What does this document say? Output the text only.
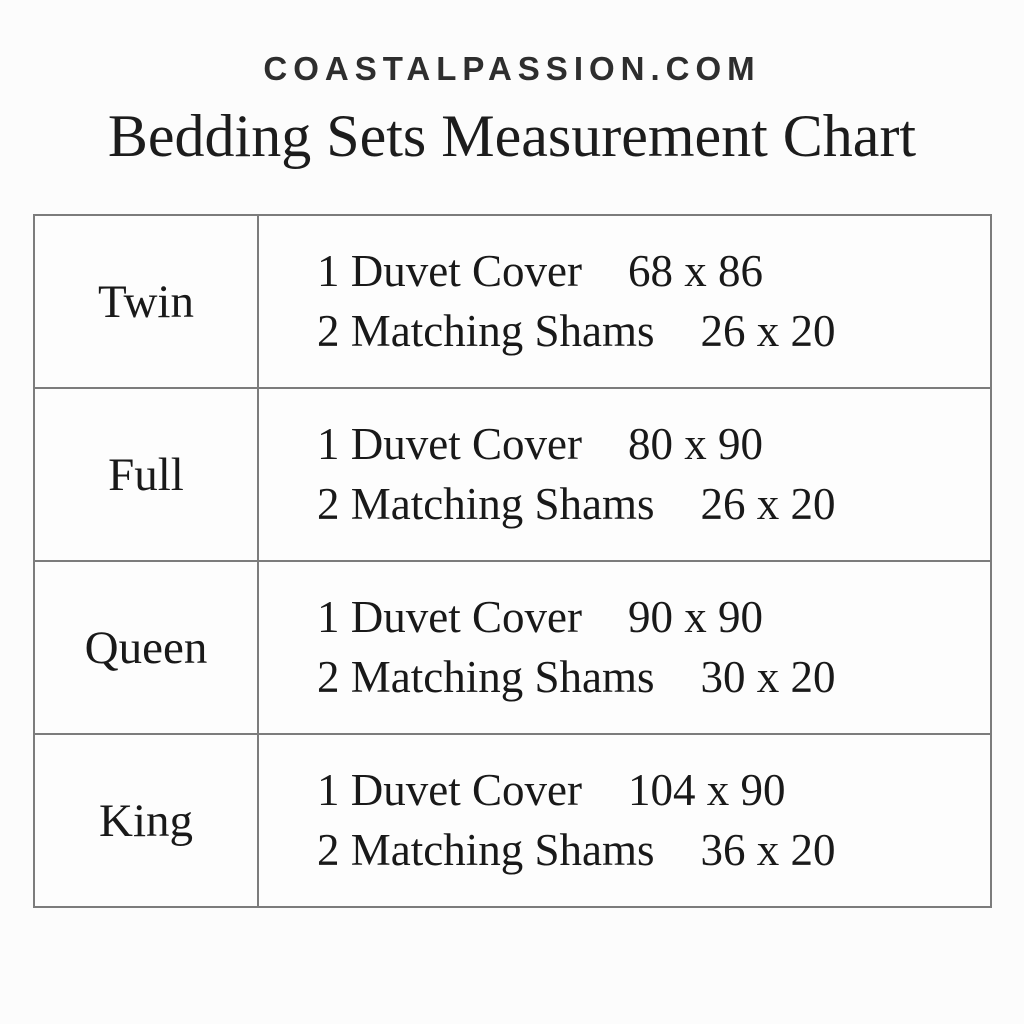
COASTALPASSION.COM
Bedding Sets Measurement Chart
Twin
1 Duvet Cover 68 x 86
2 Matching Shams 26 x 20
Full
1 Duvet Cover 80 x 90
2 Matching Shams 26 x 20
Queen
1 Duvet Cover 90 x 90
2 Matching Shams 30 x 20
King
1 Duvet Cover 104 x 90
2 Matching Shams 36 x 20
